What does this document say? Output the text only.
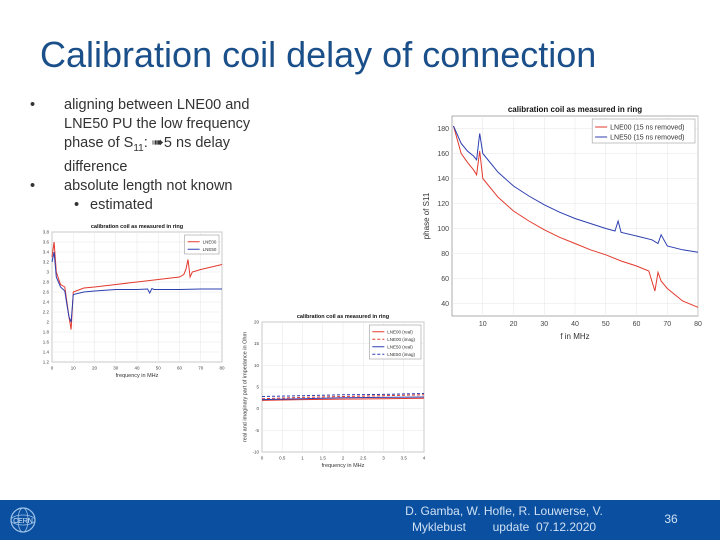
Calibration coil delay of connection
• aligning between LNE00 and LNE50 PU the low frequency phase of $S_{11}$: ➠5 ns delay difference
• absolute length not known
• estimated
calibration coil as measured in ring
10	20	30	40	50	60	70	80
40
60
80
100
120
140
160
180
f in MHz
phase of S11
LNE00 (15 ns removed)
LNE50 (15 ns removed)
calibration coil as measured in ring
0	10	20	30	40	50	60	70	80
1.2
1.4
1.6
1.8
2
2.2
2.4
2.6
2.8
3
3.2
3.4
3.6
3.8
frequency in MHz
LNE00
LNE50
calibration coil as measured in ring
0	0.5	1	1.5	2	2.5	3	3.5	4
-10
-5
0
5
10
15
20
frequency in MHz
real and imaginary part of impedance in Ohm
LNE00 (real)
LNE00 (imag)
LNE50 (real)
LNE50 (imag)
CERN
D. Gamba, W. Hofle, R. Louwerse, V.
Myklebust        update  07.12.2020
36
